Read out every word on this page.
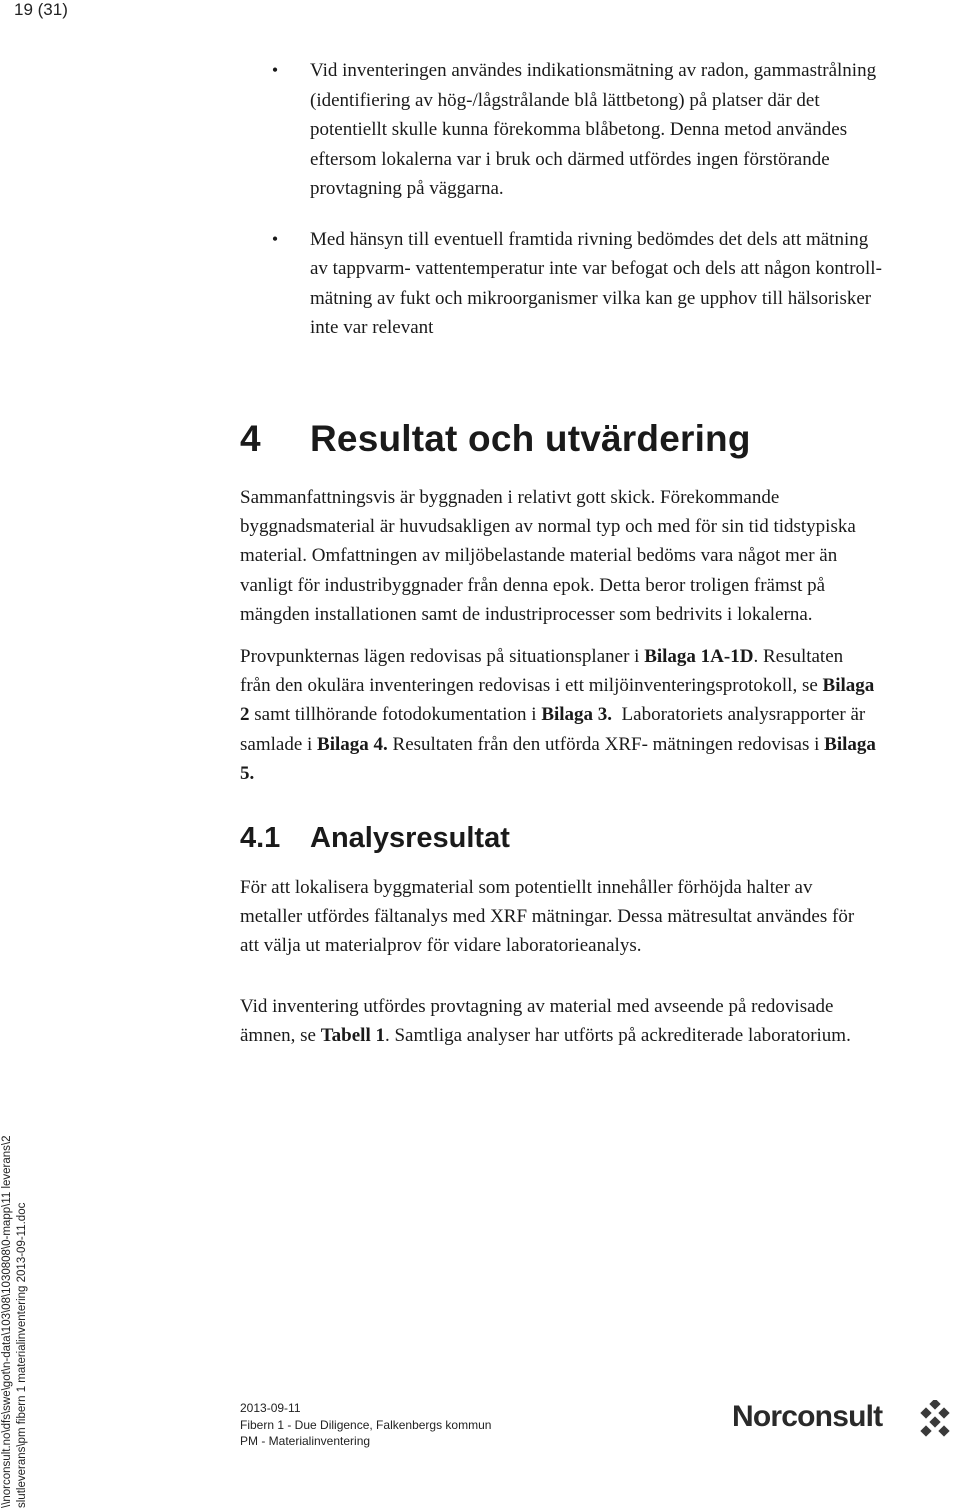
19 (31)
• Vid inventeringen användes indikationsmätning av radon, gammastrålning
(identifiering av hög-/lågstrålande blå lättbetong) på platser där det
potentiellt skulle kunna förekomma blåbetong. Denna metod användes
eftersom lokalerna var i bruk och därmed utfördes ingen förstörande
provtagning på väggarna.
• Med hänsyn till eventuell framtida rivning bedömdes det dels att mätning
av tappvarm- vattentemperatur inte var befogat och dels att någon kontroll-
mätning av fukt och mikroorganismer vilka kan ge upphov till hälsorisker
inte var relevant
4 Resultat och utvärdering

Sammanfattningsvis är byggnaden i relativt gott skick. Förekommande
byggnadsmaterial är huvudsakligen av normal typ och med för sin tid tidstypiska
material. Omfattningen av miljöbelastande material bedöms vara något mer än
vanligt för industribyggnader från denna epok. Detta beror troligen främst på
mängden installationen samt de industriprocesser som bedrivits i lokalerna.

Provpunkternas lägen redovisas på situationsplaner i Bilaga 1A-1D. Resultaten
från den okulära inventeringen redovisas i ett miljöinventeringsprotokoll, se Bilaga
2 samt tillhörande fotodokumentation i Bilaga 3.  Laboratoriets analysrapporter är
samlade i Bilaga 4. Resultaten från den utförda XRF- mätningen redovisas i Bilaga
5.

4.1 Analysresultat

För att lokalisera byggmaterial som potentiellt innehåller förhöjda halter av
metaller utfördes fältanalys med XRF mätningar. Dessa mätresultat användes för
att välja ut materialprov för vidare laboratorieanalys.

Vid inventering utfördes provtagning av material med avseende på redovisade
ämnen, se Tabell 1. Samtliga analyser har utförts på ackrediterade laboratorium.

\\norconsult.no\dfs\swe\got\n-data\103\08\1030808\0-mapp\11 leverans\2 slutleverans\pm fibern 1 materialinventering 2013-09-11.doc	2013-09-11
Fibern 1 - Due Diligence, Falkenbergs kommun
PM - Materialinventering
Norconsult
